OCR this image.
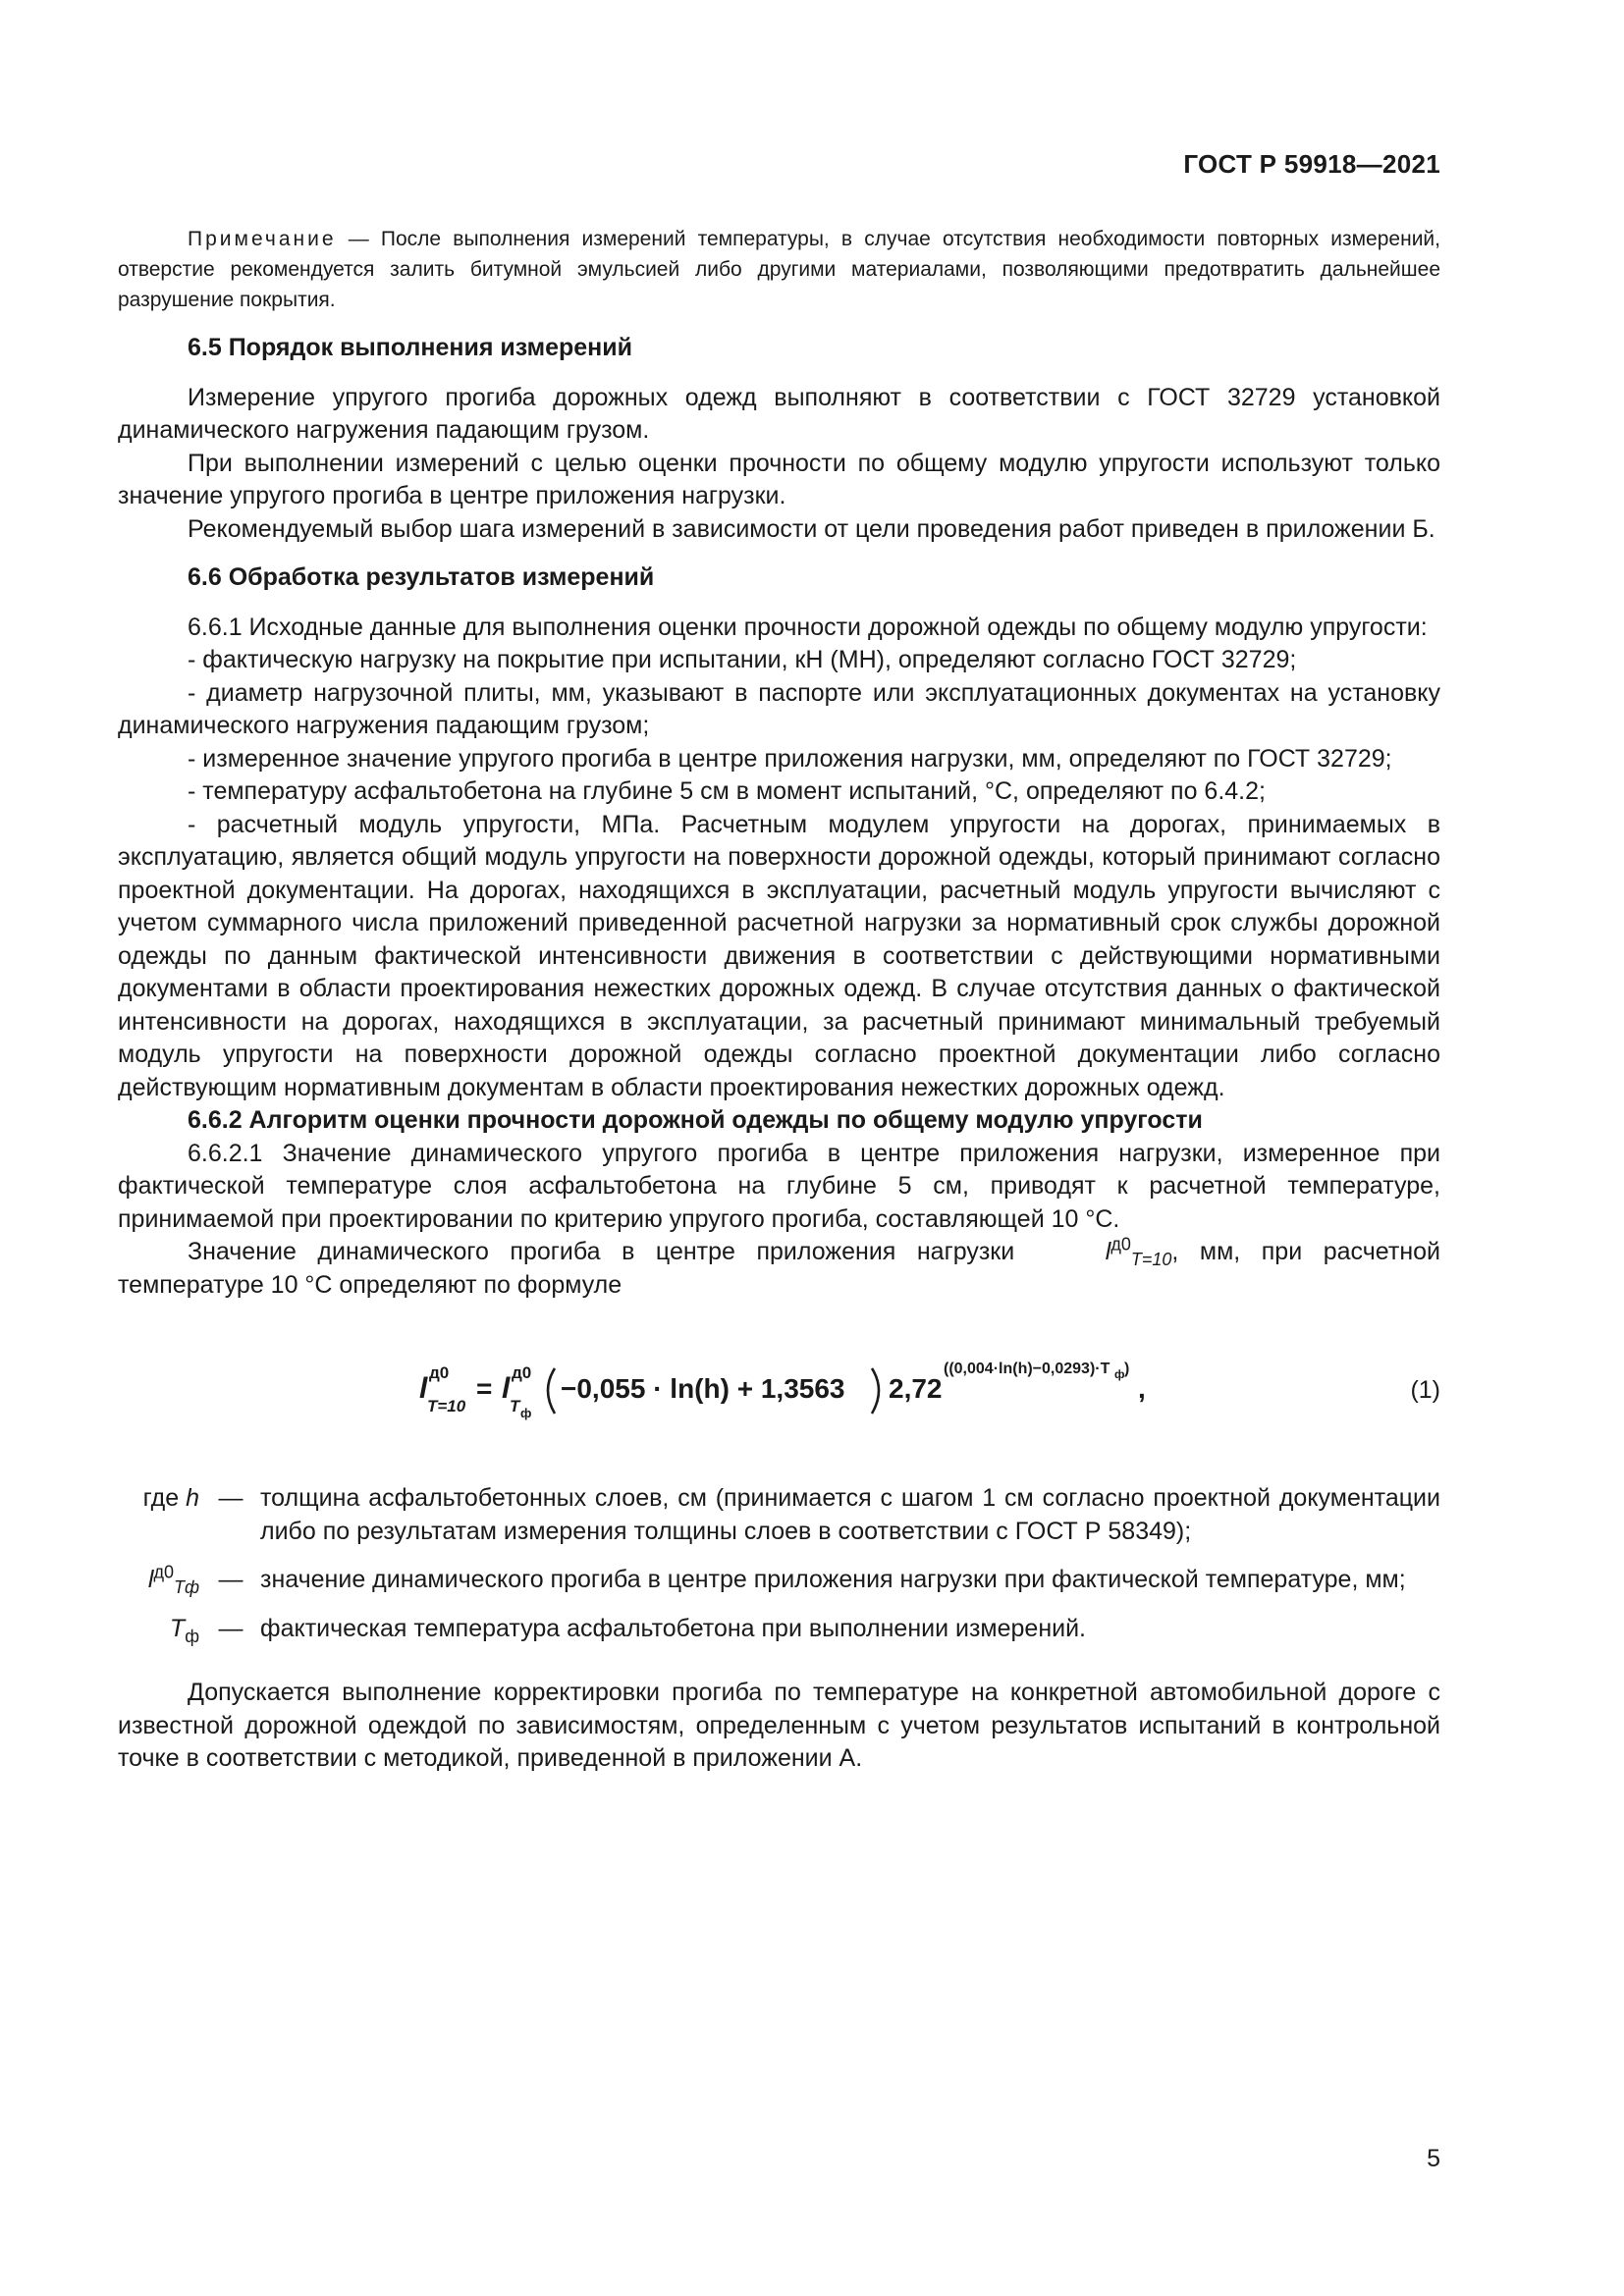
ГОСТ Р 59918—2021

Примечание — После выполнения измерений температуры, в случае отсутствия необходимости повторных измерений, отверстие рекомендуется залить битумной эмульсией либо другими материалами, позволяющими предотвратить дальнейшее разрушение покрытия.

6.5 Порядок выполнения измерений

Измерение упругого прогиба дорожных одежд выполняют в соответствии с ГОСТ 32729 установкой динамического нагружения падающим грузом.

При выполнении измерений с целью оценки прочности по общему модулю упругости используют только значение упругого прогиба в центре приложения нагрузки.

Рекомендуемый выбор шага измерений в зависимости от цели проведения работ приведен в приложении Б.

6.6 Обработка результатов измерений

6.6.1 Исходные данные для выполнения оценки прочности дорожной одежды по общему модулю упругости:

- фактическую нагрузку на покрытие при испытании, кН (МН), определяют согласно ГОСТ 32729;

- диаметр нагрузочной плиты, мм, указывают в паспорте или эксплуатационных документах на установку динамического нагружения падающим грузом;

- измеренное значение упругого прогиба в центре приложения нагрузки, мм, определяют по ГОСТ 32729;

- температуру асфальтобетона на глубине 5 см в момент испытаний, °С, определяют по 6.4.2;

- расчетный модуль упругости, МПа. Расчетным модулем упругости на дорогах, принимаемых в эксплуатацию, является общий модуль упругости на поверхности дорожной одежды, который принимают согласно проектной документации. На дорогах, находящихся в эксплуатации, расчетный модуль упругости вычисляют с учетом суммарного числа приложений приведенной расчетной нагрузки за нормативный срок службы дорожной одежды по данным фактической интенсивности движения в соответствии с действующими нормативными документами в области проектирования нежестких дорожных одежд. В случае отсутствия данных о фактической интенсивности на дорогах, находящихся в эксплуатации, за расчетный принимают минимальный требуемый модуль упругости на поверхности дорожной одежды согласно проектной документации либо согласно действующим нормативным документам в области проектирования нежестких дорожных одежд.

6.6.2 Алгоритм оценки прочности дорожной одежды по общему модулю упругости

6.6.2.1 Значение динамического упругого прогиба в центре приложения нагрузки, измеренное при фактической температуре слоя асфальтобетона на глубине 5 см, приводят к расчетной температуре, принимаемой при проектировании по критерию упругого прогиба, составляющей 10 °С.

Значение динамического прогиба в центре приложения нагрузки	$l^{д0}_{T=10}$, мм, при расчетной температуре 10 °С определяют по формуле

l д0
T=10
= l д0
T ф
−0,055 · ln(h) + 1,3563 2,72
((0,004·ln(h)−0,0293)·T ф )
,	(1)
где h — толщина асфальтобетонных слоев, см (принимается с шагом 1 см согласно проектной документации либо по результатам измерения толщины слоев в соответствии с ГОСТ Р 58349);
$l^{д0}_{Tф}$ — значение динамического прогиба в центре приложения нагрузки при фактической температуре, мм;
$T_ф$ — фактическая температура асфальтобетона при выполнении измерений.

Допускается выполнение корректировки прогиба по температуре на конкретной автомобильной дороге с известной дорожной одеждой по зависимостям, определенным с учетом результатов испытаний в контрольной точке в соответствии с методикой, приведенной в приложении А.

5
